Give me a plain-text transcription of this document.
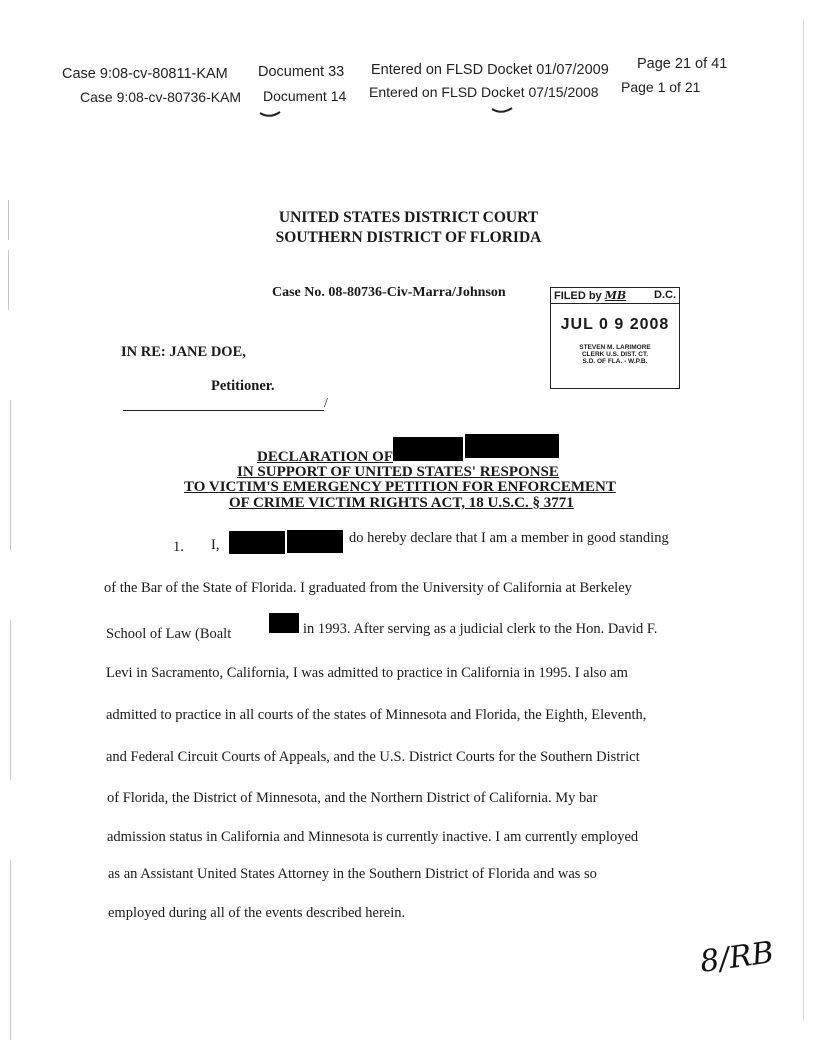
Case 9:08-cv-80811-KAM Document 33 Entered on FLSD Docket 01/07/2009 Page 21 of 41
Case 9:08-cv-80736-KAM Document 14 Entered on FLSD Docket 07/15/2008 Page 1 of 21
UNITED STATES DISTRICT COURT
SOUTHERN DISTRICT OF FLORIDA
Case No. 08-80736-Civ-Marra/Johnson	FILED by MB	D.C.
JUL 0 9 2008
STEVEN M. LARIMORE
CLERK U.S. DIST. CT.
S.D. OF FLA. - W.P.B.
IN RE: JANE DOE,
Petitioner.
/
DECLARATION OF
IN SUPPORT OF UNITED STATES' RESPONSE
TO VICTIM'S EMERGENCY PETITION FOR ENFORCEMENT
OF CRIME VICTIM RIGHTS ACT, 18 U.S.C. § 3771
1. I,	do hereby declare that I am a member in good standing
of the Bar of the State of Florida. I graduated from the University of California at Berkeley
School of Law (Boalt	in 1993. After serving as a judicial clerk to the Hon. David F.
Levi in Sacramento, California, I was admitted to practice in California in 1995. I also am
admitted to practice in all courts of the states of Minnesota and Florida, the Eighth, Eleventh,
and Federal Circuit Courts of Appeals, and the U.S. District Courts for the Southern District
of Florida, the District of Minnesota, and the Northern District of California. My bar
admission status in California and Minnesota is currently inactive. I am currently employed
as an Assistant United States Attorney in the Southern District of Florida and was so
employed during all of the events described herein.
8/RB
